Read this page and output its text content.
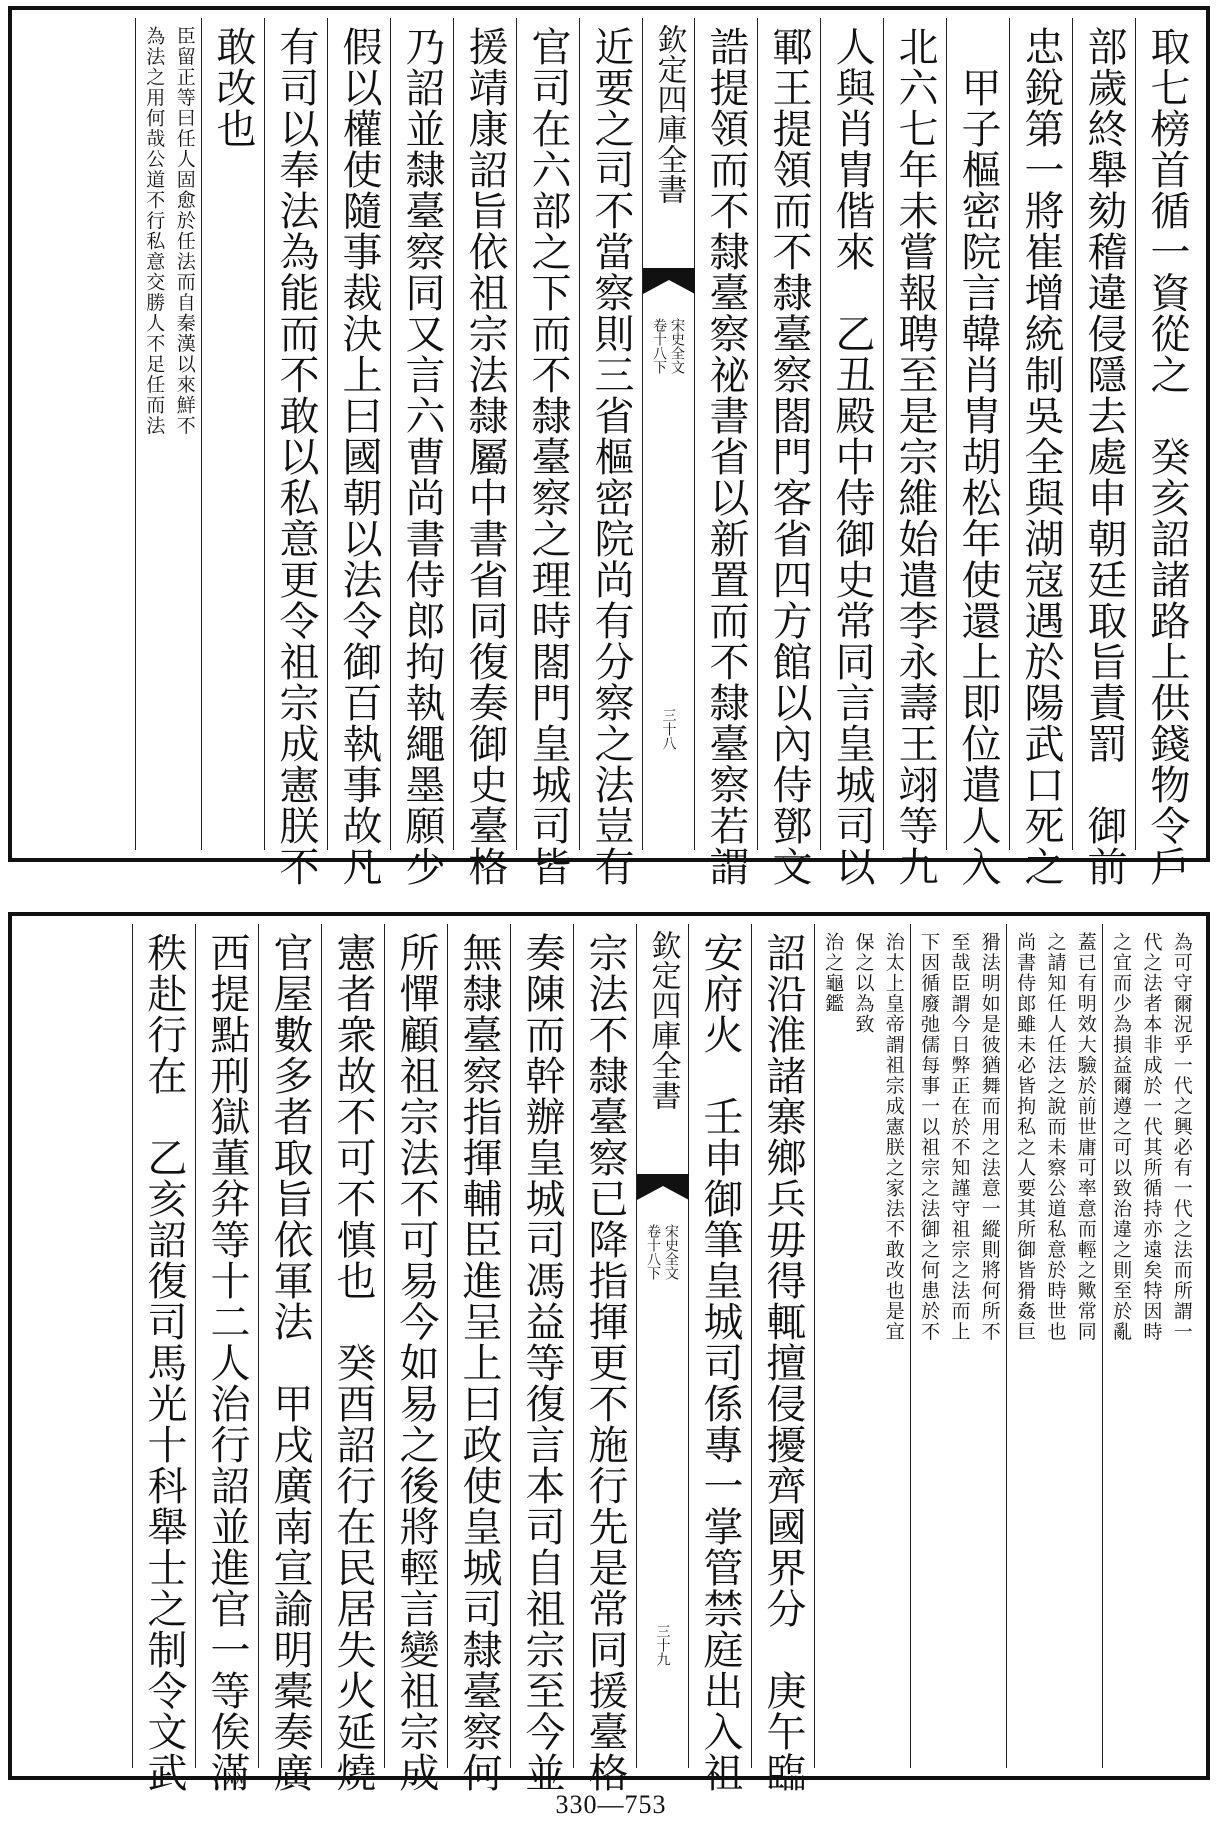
取七榜首循一資從之　癸亥詔諸路上供錢物令戶
部歲終舉劾稽違侵隱去處申朝廷取旨責罰　御前
忠銳第一將崔增統制吳全與湖寇遇於陽武口死之
　甲子樞密院言韓肖胄胡松年使還上即位遣人入
北六七年未嘗報聘至是宗維始遣李永壽王翊等九
人與肖胄偕來　乙丑殿中侍御史常同言皇城司以
鄆王提領而不隸臺察閤門客省四方館以內侍鄧文
誥提領而不隸臺察祕書省以新置而不隸臺察若謂
欽定四庫全書
宋史全文
卷十八下
三十八
近要之司不當察則三省樞密院尚有分察之法豈有
官司在六部之下而不隸臺察之理時閤門皇城司皆
援靖康詔旨依祖宗法隸屬中書省同復奏御史臺格
乃詔並隸臺察同又言六曹尚書侍郎拘執繩墨願少
假以權使隨事裁決上曰國朝以法令御百執事故凡
有司以奉法為能而不敢以私意更令祖宗成憲朕不
敢改也
臣留正等曰任人固愈於任法而自秦漢以來鮮不
為法之用何哉公道不行私意交勝人不足任而法
為可守爾況乎一代之興必有一代之法而所謂一
代之法者本非成於一代其所循持亦遠矣特因時
之宜而少為損益爾遵之可以致治違之則至於亂
蓋已有明效大驗於前世庸可率意而輕之歟常同
之請知任人任法之說而未察公道私意於時世也
尚書侍郎雖未必皆拘私之人要其所御皆猾姦巨
猾法明如是彼猶舞而用之法意一縱則將何所不
至哉臣謂今日弊正在於不知謹守祖宗之法而上
下因循廢弛儒每事一以祖宗之法御之何患於不
治太上皇帝謂祖宗成憲朕之家法不敢改也是宜
保之以為致
治之龜鑑
詔沿淮諸寨鄉兵毋得輒擅侵擾齊國界分　庚午臨
安府火　壬申御筆皇城司係專一掌管禁庭出入祖
欽定四庫全書
宋史全文
卷十八下
三十九
宗法不隸臺察已降指揮更不施行先是常同援臺格
奏陳而幹辦皇城司馮益等復言本司自祖宗至今並
無隸臺察指揮輔臣進呈上曰政使皇城司隸臺察何
所憚顧祖宗法不可易今如易之後將輕言變祖宗成
憲者衆故不可不慎也　癸酉詔行在民居失火延燒
官屋數多者取旨依軍法　甲戌廣南宣諭明橐奏廣
西提點刑獄董弅等十二人治行詔並進官一等俟滿
秩赴行在　乙亥詔復司馬光十科舉士之制令文武
330—753
